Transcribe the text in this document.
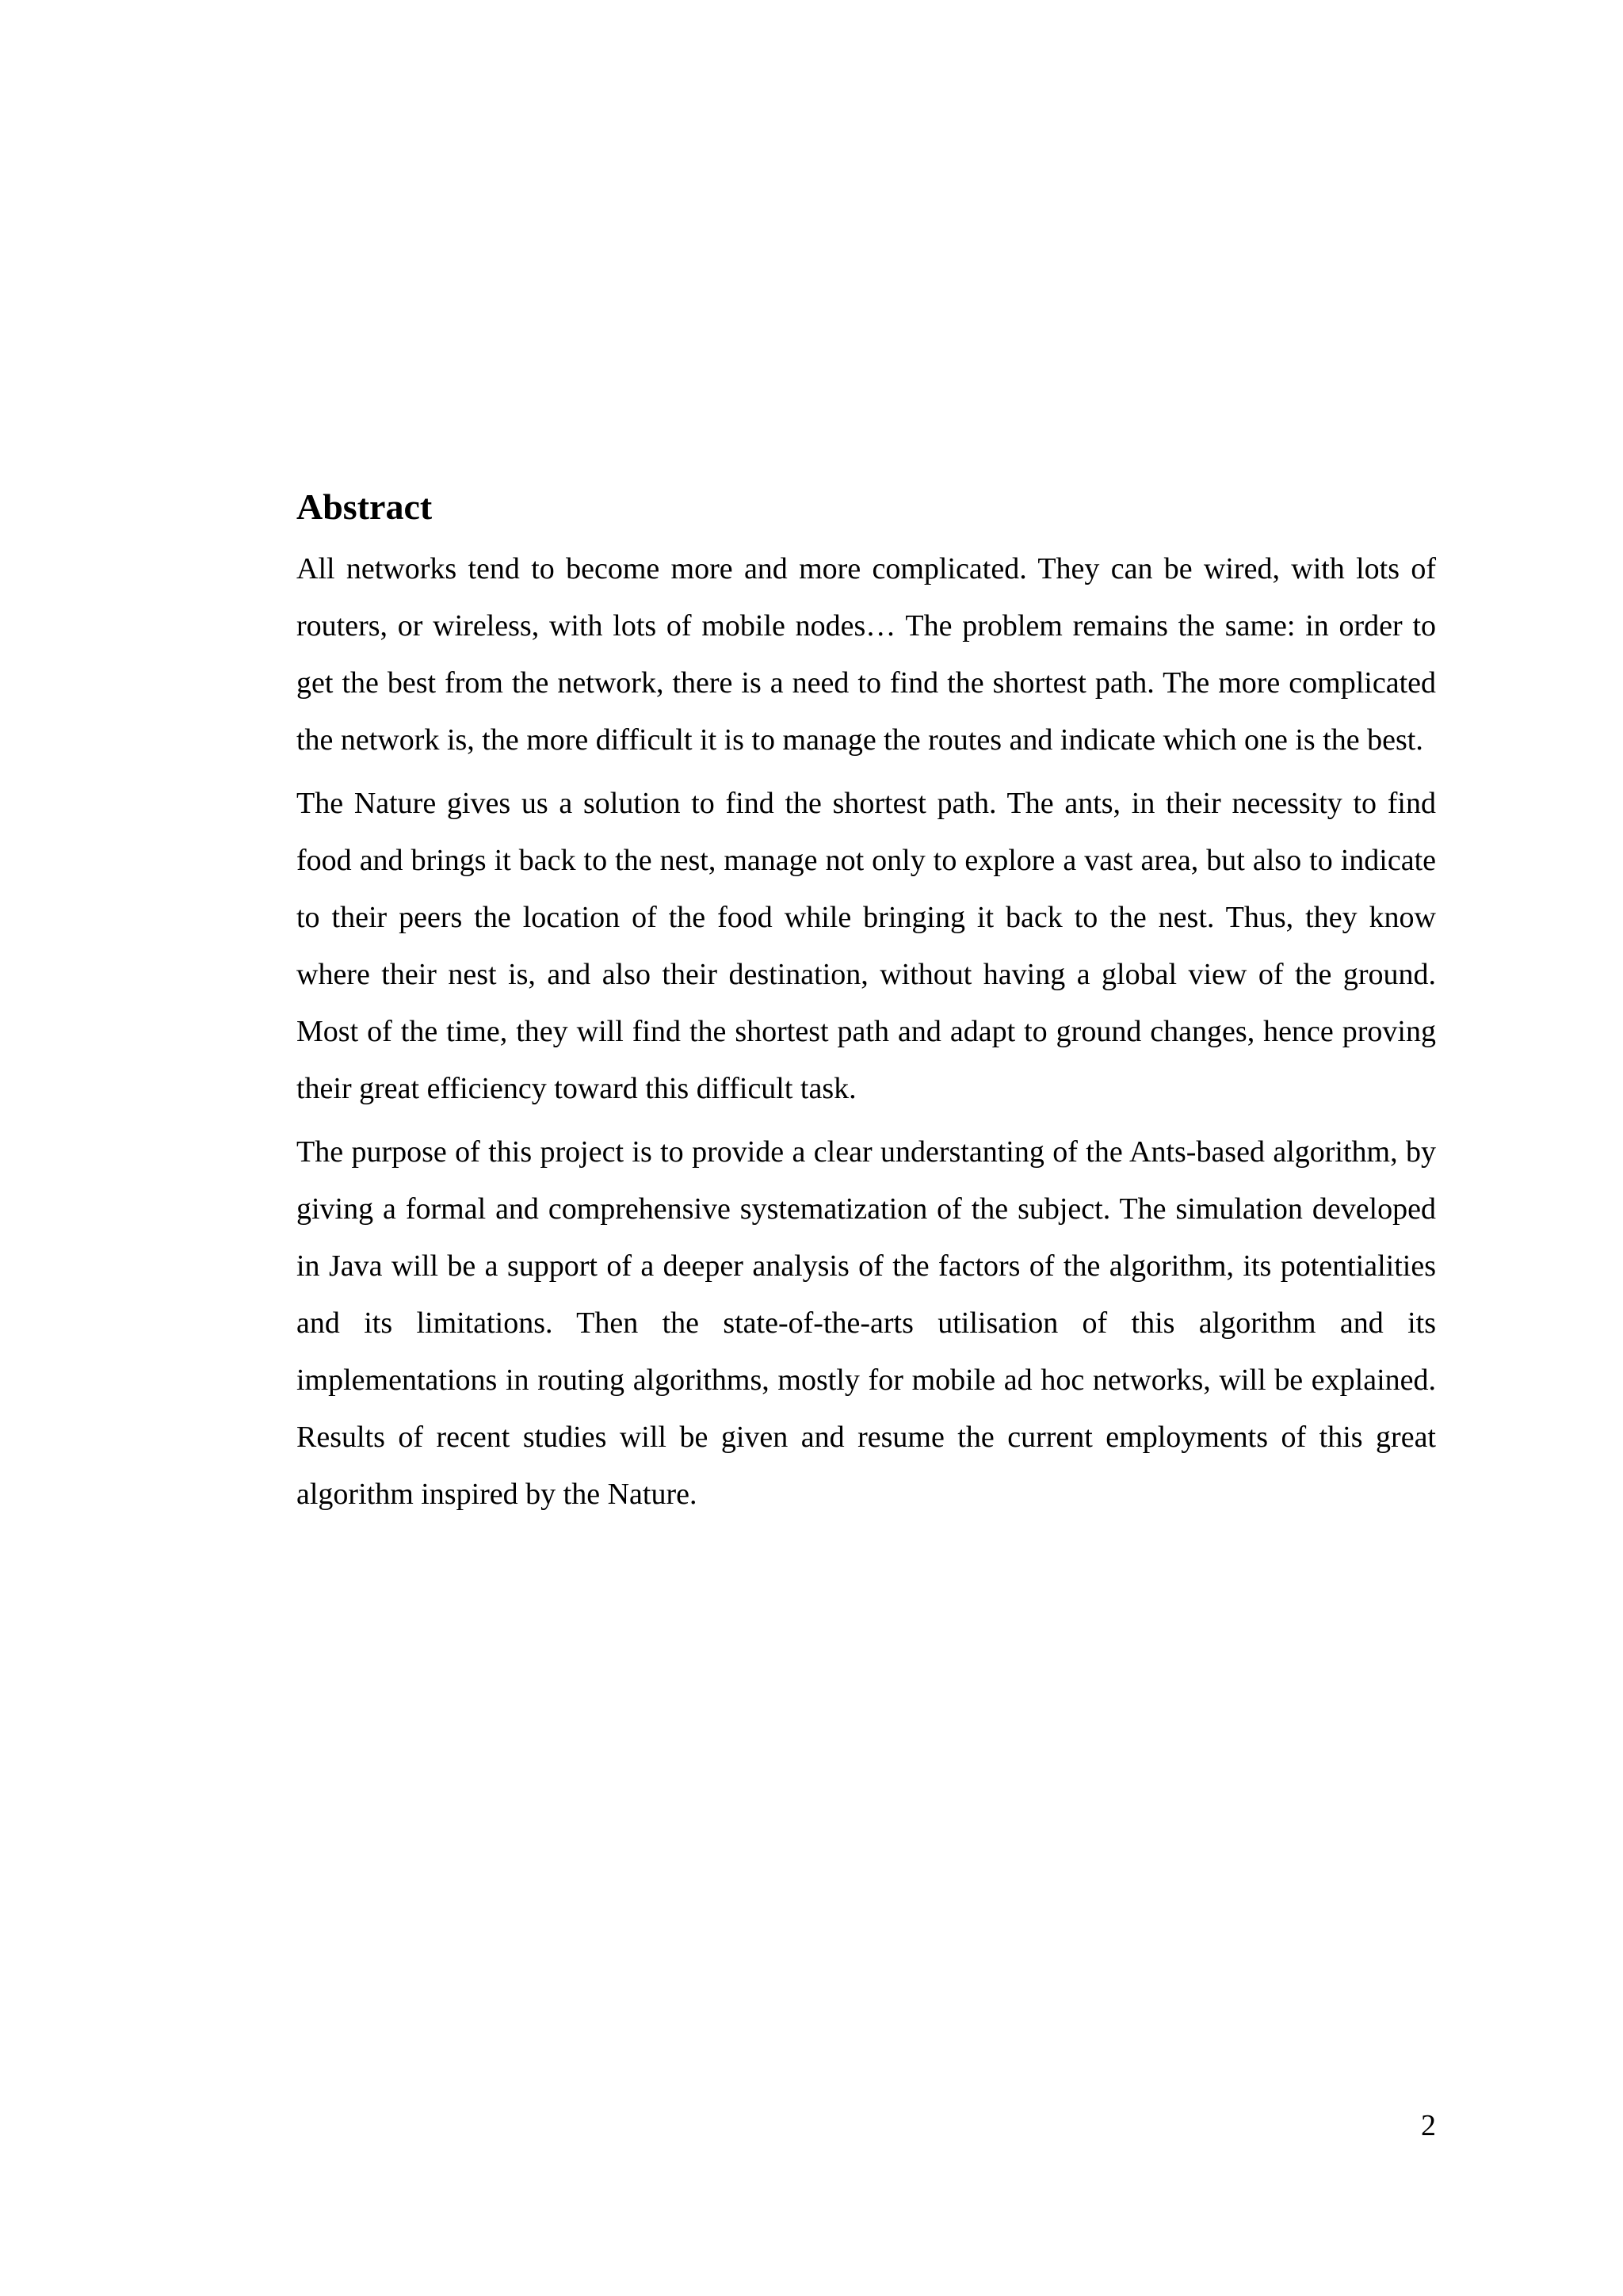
Abstract

All networks tend to become more and more complicated. They can be wired, with lots of routers, or wireless, with lots of mobile nodes… The problem remains the same: in order to get the best from the network, there is a need to find the shortest path. The more complicated the network is, the more difficult it is to manage the routes and indicate which one is the best.

The Nature gives us a solution to find the shortest path. The ants, in their necessity to find food and brings it back to the nest, manage not only to explore a vast area, but also to indicate to their peers the location of the food while bringing it back to the nest. Thus, they know where their nest is, and also their destination, without having a global view of the ground. Most of the time, they will find the shortest path and adapt to ground changes, hence proving their great efficiency toward this difficult task.

The purpose of this project is to provide a clear understanting of the Ants-based algorithm, by giving a formal and comprehensive systematization of the subject. The simulation developed in Java will be a support of a deeper analysis of the factors of the algorithm, its potentialities and its limitations. Then the state-of-the-arts utilisation of this algorithm and its implementations in routing algorithms, mostly for mobile ad hoc networks, will be explained. Results of recent studies will be given and resume the current employments of this great algorithm inspired by the Nature.

2
